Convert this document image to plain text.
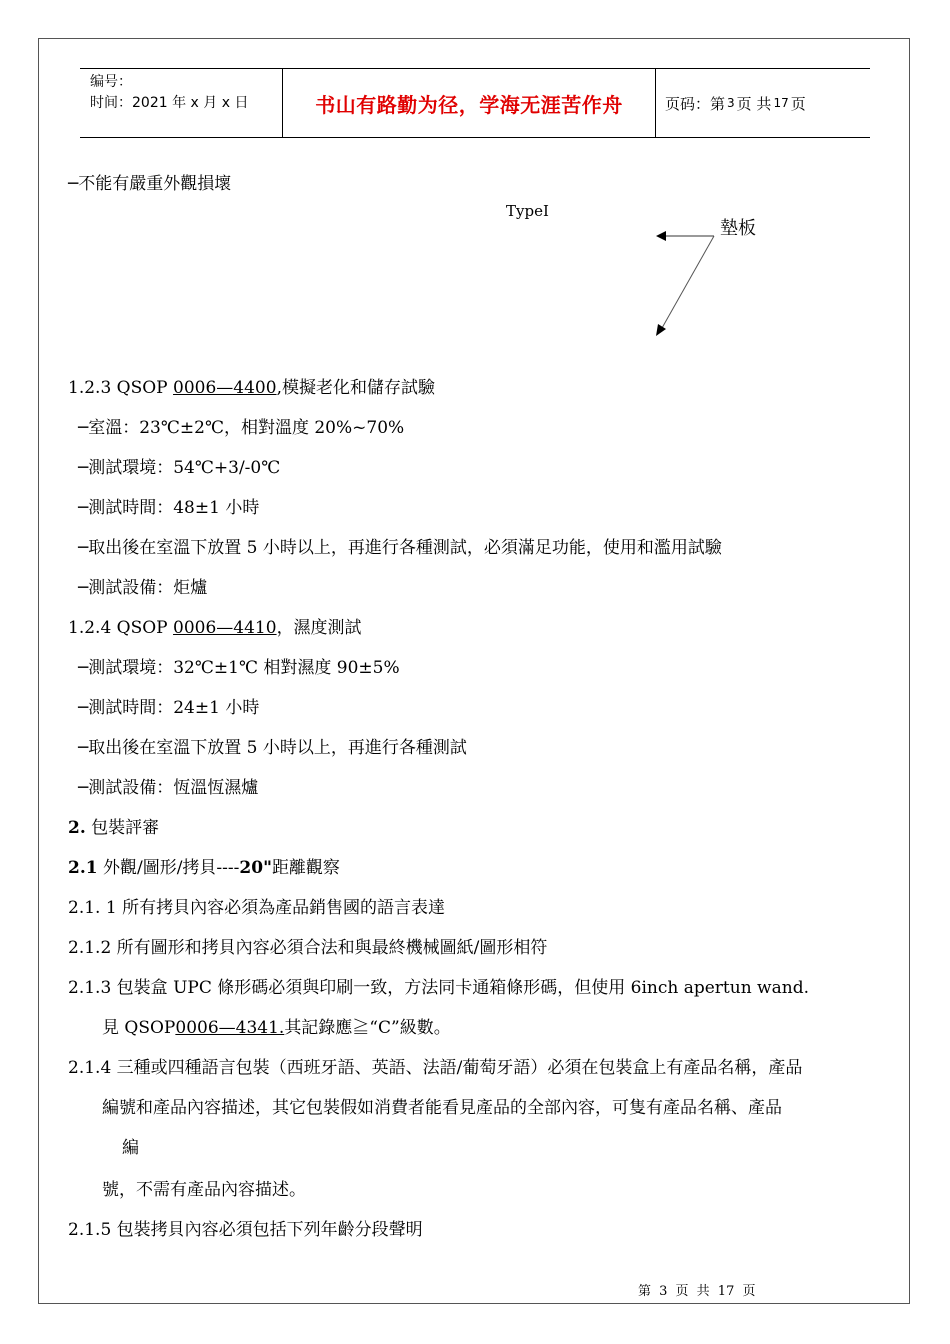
编号：
时间：2021 年 x 月 x 日	书山有路勤为径，学海无涯苦作舟	页码：第 3 页 共 17 页
─不能有嚴重外觀損壞
TypeI
墊板
1.2.3 QSOP 0006—4400,模擬老化和儲存試驗
─室溫：23℃±2℃，相對溫度 20%~70%
─測試環境：54℃+3/-0℃
─測試時間：48±1 小時
─取出後在室溫下放置 5 小時以上，再進行各種測試，必須滿足功能，使用和濫用試驗
─測試設備：炬爐
1.2.4 QSOP 0006—4410，濕度測試
─測試環境：32℃±1℃ 相對濕度 90±5%
─測試時間：24±1 小時
─取出後在室溫下放置 5 小時以上，再進行各種測試
─測試設備：恆溫恆濕爐
2. 包裝評審
2.1 外觀/圖形/拷貝----20"距離觀察
2.1. 1 所有拷貝內容必須為產品銷售國的語言表達
2.1.2 所有圖形和拷貝內容必須合法和與最終機械圖紙/圖形相符
2.1.3 包裝盒 UPC 條形碼必須與印刷一致，方法同卡通箱條形碼，但使用 6inch apertun wand.
見 QSOP0006—4341.其記錄應≧“C”級數。
2.1.4 三種或四種語言包裝（西班牙語、英語、法語/葡萄牙語）必須在包裝盒上有產品名稱，產品
編號和產品內容描述，其它包裝假如消費者能看見產品的全部內容，可隻有產品名稱、產品
編
號，不需有產品內容描述。
2.1.5 包裝拷貝內容必須包括下列年齡分段聲明
第 3 页 共 17 页
